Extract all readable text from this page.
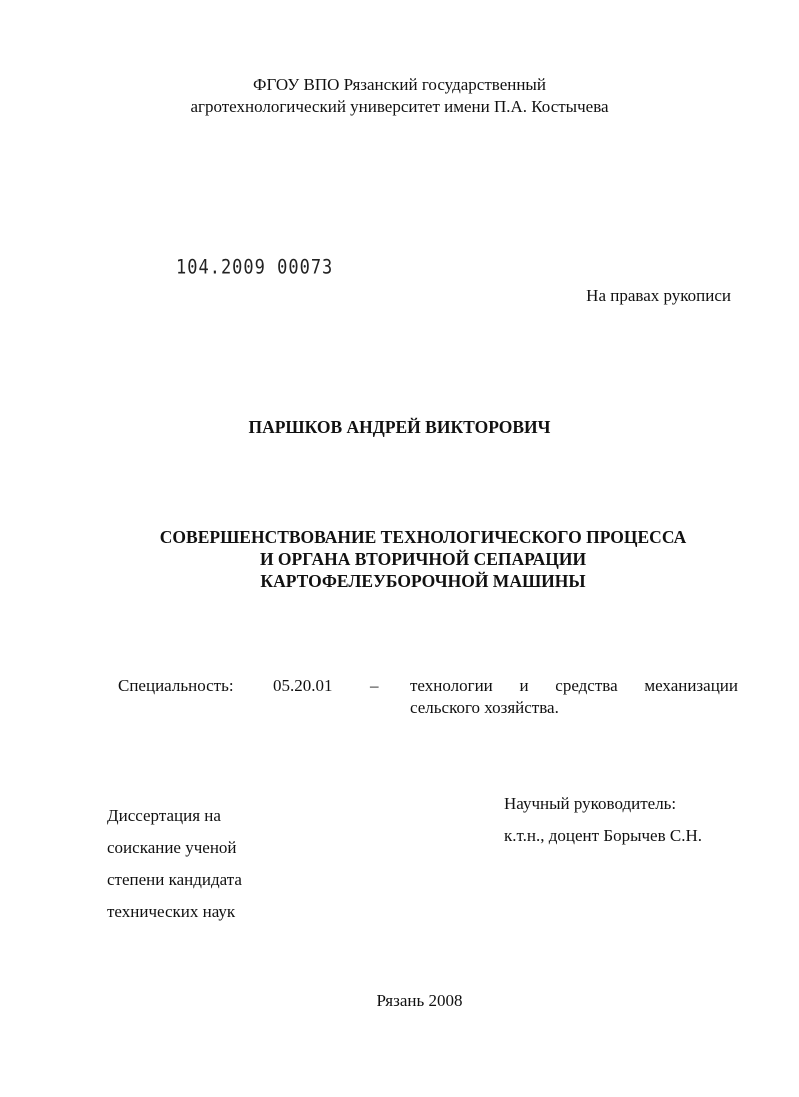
ФГОУ ВПО Рязанский государственный
агротехнологический университет имени П.А. Костычева
104.2009 00073
На правах рукописи
ПАРШКОВ АНДРЕЙ ВИКТОРОВИЧ
СОВЕРШЕНСТВОВАНИЕ ТЕХНОЛОГИЧЕСКОГО ПРОЦЕССА
И ОРГАНА ВТОРИЧНОЙ СЕПАРАЦИИ
КАРТОФЕЛЕУБОРОЧНОЙ МАШИНЫ
Специальность: 05.20.01 – технологии и средства механизации
сельского хозяйства.
Диссертация на
соискание ученой
степени кандидата
технических наук
Научный руководитель:
к.т.н., доцент Борычев С.Н.
Рязань 2008
